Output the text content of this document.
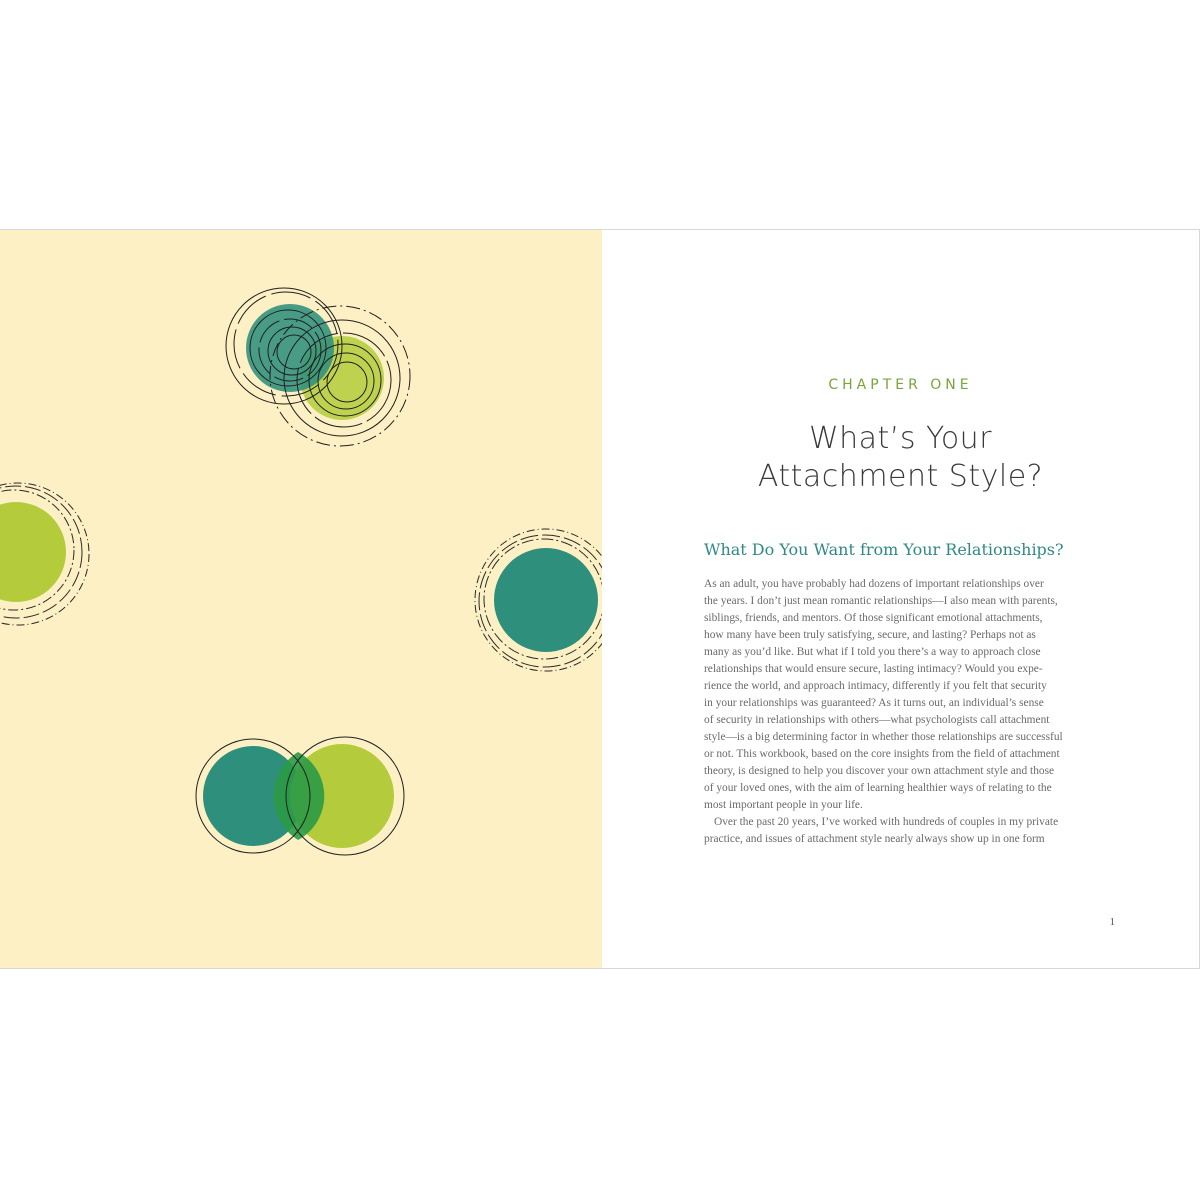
CHAPTER ONE
What’s Your
Attachment Style?
What Do You Want from Your Relationships?
As an adult, you have probably had dozens of important relationships over
the years. I don’t just mean romantic relationships—I also mean with parents,
siblings, friends, and mentors. Of those significant emotional attachments,
how many have been truly satisfying, secure, and lasting? Perhaps not as
many as you’d like. But what if I told you there’s a way to approach close
relationships that would ensure secure, lasting intimacy? Would you expe-
rience the world, and approach intimacy, differently if you felt that security
in your relationships was guaranteed? As it turns out, an individual’s sense
of security in relationships with others—what psychologists call attachment
style—is a big determining factor in whether those relationships are successful
or not. This workbook, based on the core insights from the field of attachment
theory, is designed to help you discover your own attachment style and those
of your loved ones, with the aim of learning healthier ways of relating to the
most important people in your life.
Over the past 20 years, I’ve worked with hundreds of couples in my private
practice, and issues of attachment style nearly always show up in one form
1
